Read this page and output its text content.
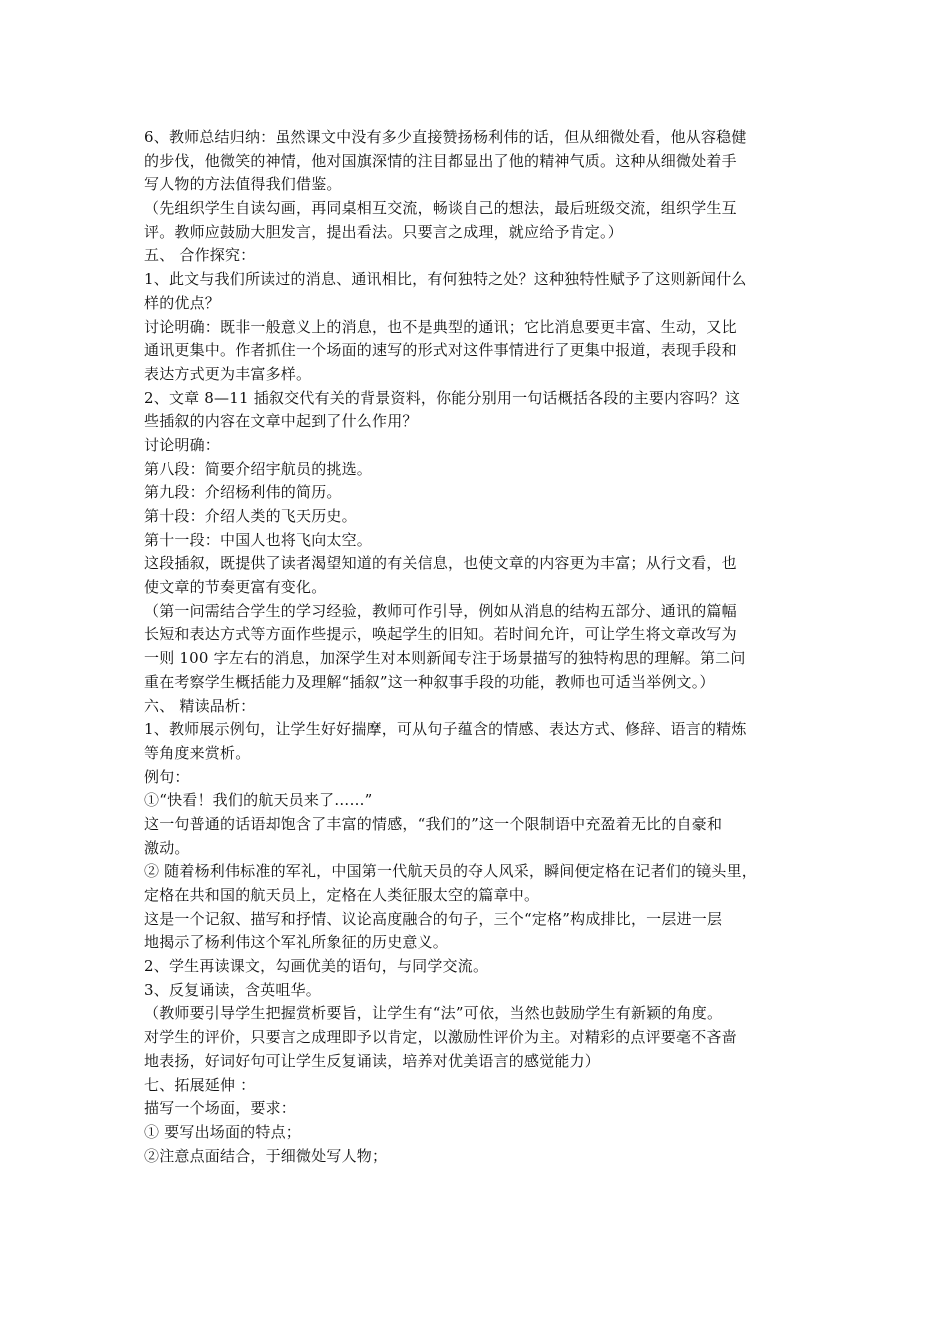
6、教师总结归纳：虽然课文中没有多少直接赞扬杨利伟的话，但从细微处看，他从容稳健
的步伐，他微笑的神情，他对国旗深情的注目都显出了他的精神气质。这种从细微处着手
写人物的方法值得我们借鉴。
（先组织学生自读勾画，再同桌相互交流，畅谈自己的想法，最后班级交流，组织学生互
评。教师应鼓励大胆发言，提出看法。只要言之成理，就应给予肯定。）
五、 合作探究：
1、此文与我们所读过的消息、通讯相比，有何独特之处？这种独特性赋予了这则新闻什么
样的优点？
讨论明确：既非一般意义上的消息，也不是典型的通讯；它比消息要更丰富、生动，又比
通讯更集中。作者抓住一个场面的速写的形式对这件事情进行了更集中报道，表现手段和
表达方式更为丰富多样。
2、文章 8—11 插叙交代有关的背景资料，你能分别用一句话概括各段的主要内容吗？这
些插叙的内容在文章中起到了什么作用？
讨论明确：
第八段：简要介绍宇航员的挑选。
第九段：介绍杨利伟的简历。
第十段：介绍人类的飞天历史。
第十一段：中国人也将飞向太空。
这段插叙，既提供了读者渴望知道的有关信息，也使文章的内容更为丰富；从行文看，也
使文章的节奏更富有变化。
（第一问需结合学生的学习经验，教师可作引导，例如从消息的结构五部分、通讯的篇幅
长短和表达方式等方面作些提示，唤起学生的旧知。若时间允许，可让学生将文章改写为
一则 100 字左右的消息，加深学生对本则新闻专注于场景描写的独特构思的理解。第二问
重在考察学生概括能力及理解“插叙”这一种叙事手段的功能，教师也可适当举例文。）
六、 精读品析：
1、教师展示例句，让学生好好揣摩，可从句子蕴含的情感、表达方式、修辞、语言的精炼
等角度来赏析。
例句：
①“快看！我们的航天员来了……”
这一句普通的话语却饱含了丰富的情感，“我们的”这一个限制语中充盈着无比的自豪和
激动。
② 随着杨利伟标准的军礼，中国第一代航天员的夺人风采，瞬间便定格在记者们的镜头里，
定格在共和国的航天员上，定格在人类征服太空的篇章中。
这是一个记叙、描写和抒情、议论高度融合的句子，三个“定格”构成排比，一层进一层
地揭示了杨利伟这个军礼所象征的历史意义。
2、学生再读课文，勾画优美的语句，与同学交流。
3、反复诵读，含英咀华。
（教师要引导学生把握赏析要旨，让学生有“法”可依，当然也鼓励学生有新颖的角度。
对学生的评价，只要言之成理即予以肯定，以激励性评价为主。对精彩的点评要毫不吝啬
地表扬，好词好句可让学生反复诵读，培养对优美语言的感觉能力）
七、拓展延伸 ：
描写一个场面，要求：
① 要写出场面的特点；
②注意点面结合，于细微处写人物；
